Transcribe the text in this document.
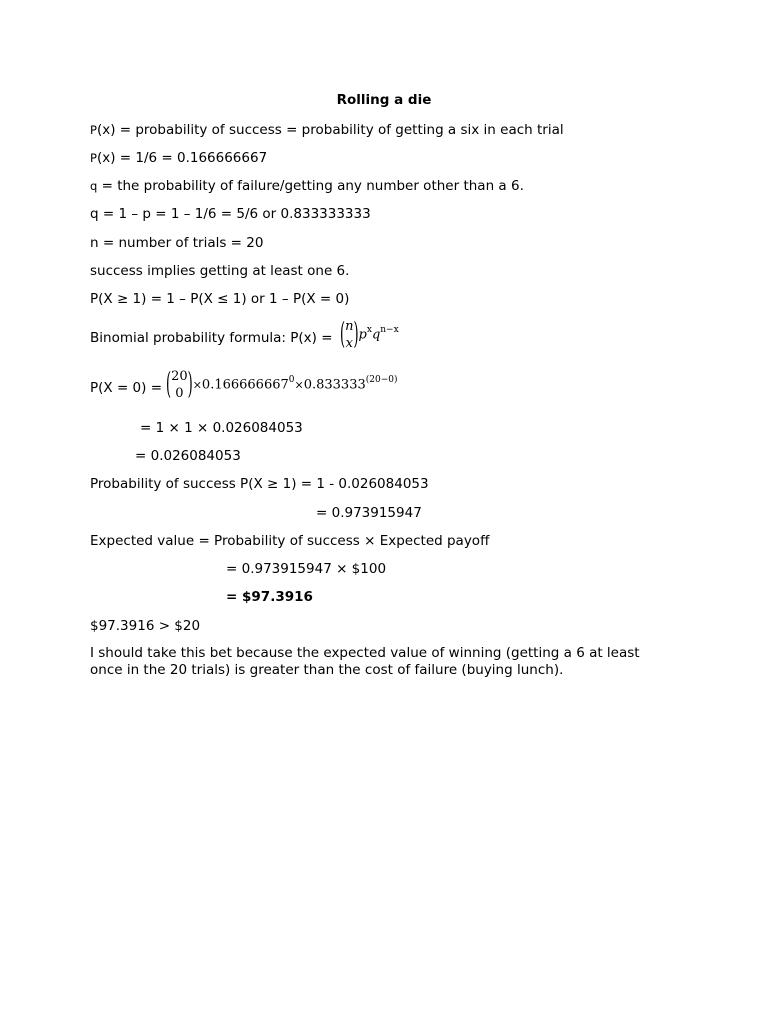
Rolling a die
P(x) = probability of success = probability of getting a six in each trial
P(x) = 1/6 = 0.166666667
q = the probability of failure/getting any number other than a 6.
q = 1 – p = 1 – 1/6 = 5/6 or 0.833333333
n = number of trials = 20
success implies getting at least one 6.
P(X ≥ 1) = 1 – P(X ≤ 1) or 1 – P(X = 0)
Binomial probability formula: P(x) = (n
$x)p^xq^{n-x}$
P(X = 0) = (20
0 )$\times 0.166666667^0\times 0.833333^{(20-0)}$
= 1 × 1 × 0.026084053
= 0.026084053
Probability of success P(X ≥ 1) = 1 - 0.026084053
= 0.973915947
Expected value = Probability of success × Expected payoff
= 0.973915947 × $100
= $97.3916
$97.3916 > $20
I should take this bet because the expected value of winning (getting a 6 at least once in the 20 trials) is greater than the cost of failure (buying lunch).
